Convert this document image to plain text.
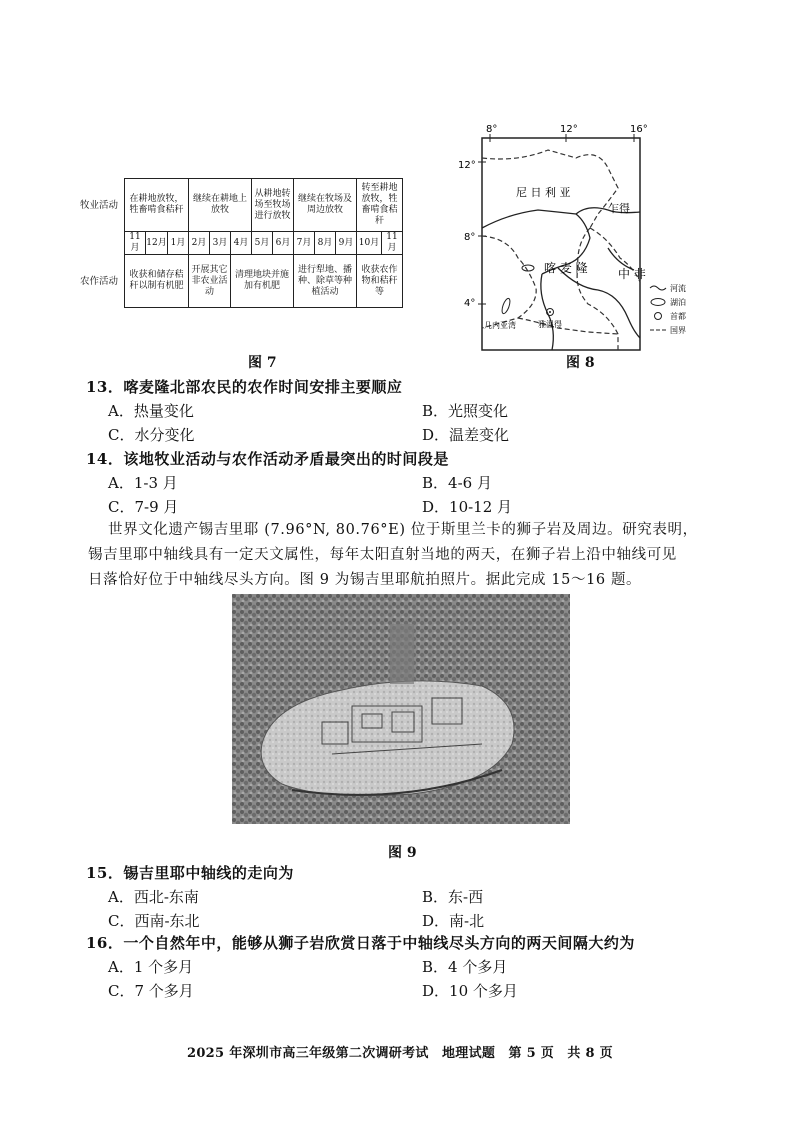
牧业活动	在耕地放牧，牲畜啃食秸秆			继续在耕地上放牧			从耕地转场至牧场进行放牧		继续在牧场及周边放牧			转至耕地放牧，牲畜啃食秸秆	
	11月	12月	1月	2月	3月	4月	5月	6月	7月	8月	9月	10月	11月
农作活动	收获和储存秸秆以制有机肥			开展其它非农业活动		清理地块并施加有机肥			进行犁地、播种、除草等种植活动			收获农作物和秸秆等	
图 7
8°	12°	16°
12°
8°
4°
尼 日 利 亚
乍得
喀 麦 隆	中 非
几内亚湾	雅温得
河流
湖泊
首都
国界
图 8
13．喀麦隆北部农民的农作时间安排主要顺应
A．热量变化	B．光照变化
C．水分变化	D．温差变化
14．该地牧业活动与农作活动矛盾最突出的时间段是
A．1-3 月	B．4-6 月
C．7-9 月	D．10-12 月
世界文化遗产锡吉里耶 (7.96°N, 80.76°E) 位于斯里兰卡的狮子岩及周边。研究表明，
锡吉里耶中轴线具有一定天文属性，每年太阳直射当地的两天，在狮子岩上沿中轴线可见
日落恰好位于中轴线尽头方向。图 9 为锡吉里耶航拍照片。据此完成 15～16 题。
图 9
15．锡吉里耶中轴线的走向为
A．西北-东南	B．东-西
C．西南-东北	D．南-北
16．一个自然年中，能够从狮子岩欣赏日落于中轴线尽头方向的两天间隔大约为
A．1 个多月	B．4 个多月
C．7 个多月	D．10 个多月
2025 年深圳市高三年级第二次调研考试　地理试题　第 5 页　共 8 页
